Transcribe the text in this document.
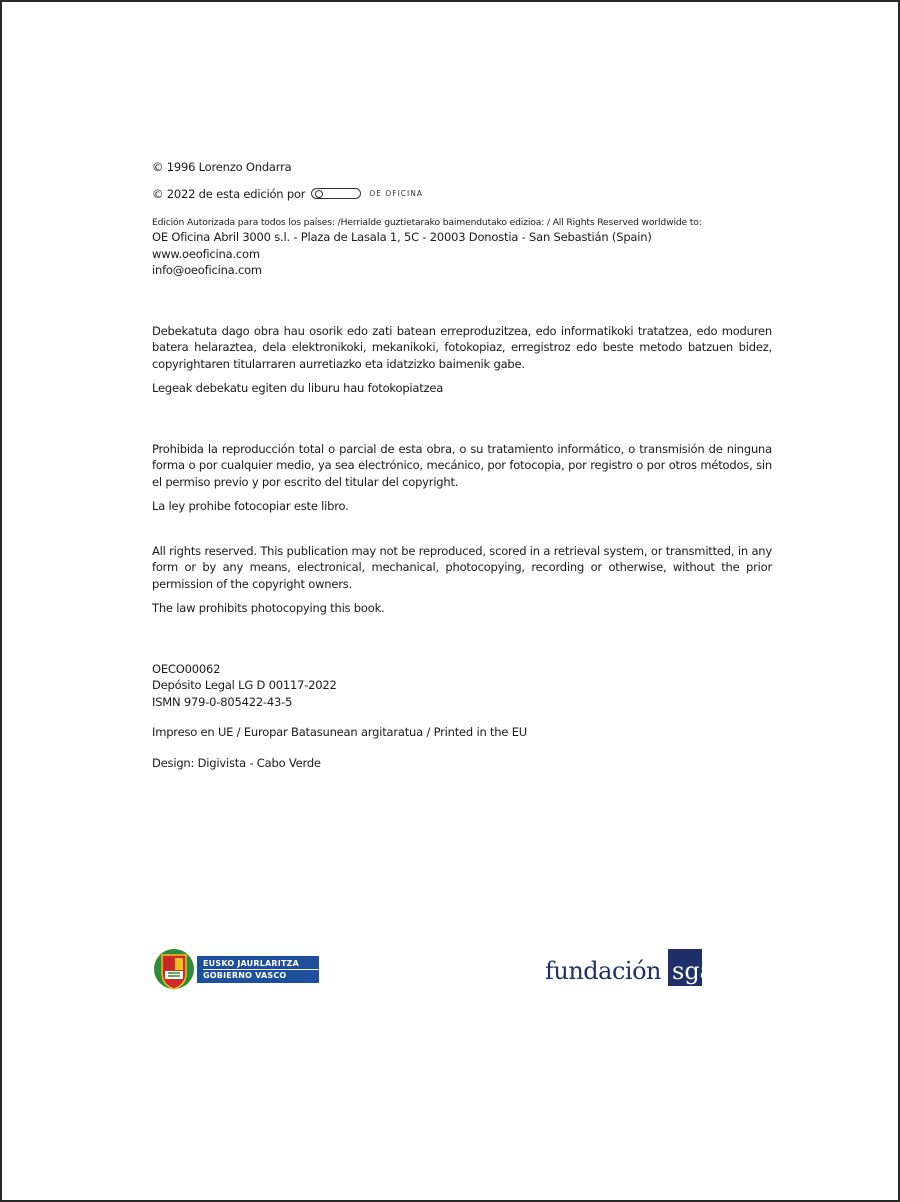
© 1996 Lorenzo Ondarra

© 2022 de esta edición por	OE OFICINA

Edición Autorizada para todos los países: /Herrialde guztietarako baimendutako edizioa: / All Rights Reserved worldwide to:

OE Oficina Abril 3000 s.l. - Plaza de Lasala 1, 5C - 20003 Donostia - San Sebastián (Spain)

www.oeoficina.com

info@oeoficina.com

Debekatuta dago obra hau osorik edo zati batean erreproduzitzea, edo informatikoki tratatzea, edo moduren batera helaraztea, dela elektronikoki, mekanikoki, fotokopiaz, erregistroz edo beste metodo batzuen bidez, copyrightaren titularraren aurretiazko eta idatzizko baimenik gabe.

Legeak debekatu egiten du liburu hau fotokopiatzea

Prohibida la reproducción total o parcial de esta obra, o su tratamiento informático, o transmisión de ninguna forma o por cualquier medio, ya sea electrónico, mecánico, por fotocopia, por registro o por otros métodos, sin el permiso previo y por escrito del titular del copyright.

La ley prohibe fotocopiar este libro.

All rights reserved. This publication may not be reproduced, scored in a retrieval system, or transmitted, in any form or by any means, electronical, mechanical, photocopying, recording or otherwise, without the prior permission of the copyright owners.

The law prohibits photocopying this book.

OECO00062

Depósito Legal LG D 00117-2022

ISMN 979-0-805422-43-5

Impreso en UE / Europar Batasunean argitaratua / Printed in the EU

Design: Digivista - Cabo Verde

EUSKO JAURLARITZA
GOBIERNO VASCO	fundación sgae
